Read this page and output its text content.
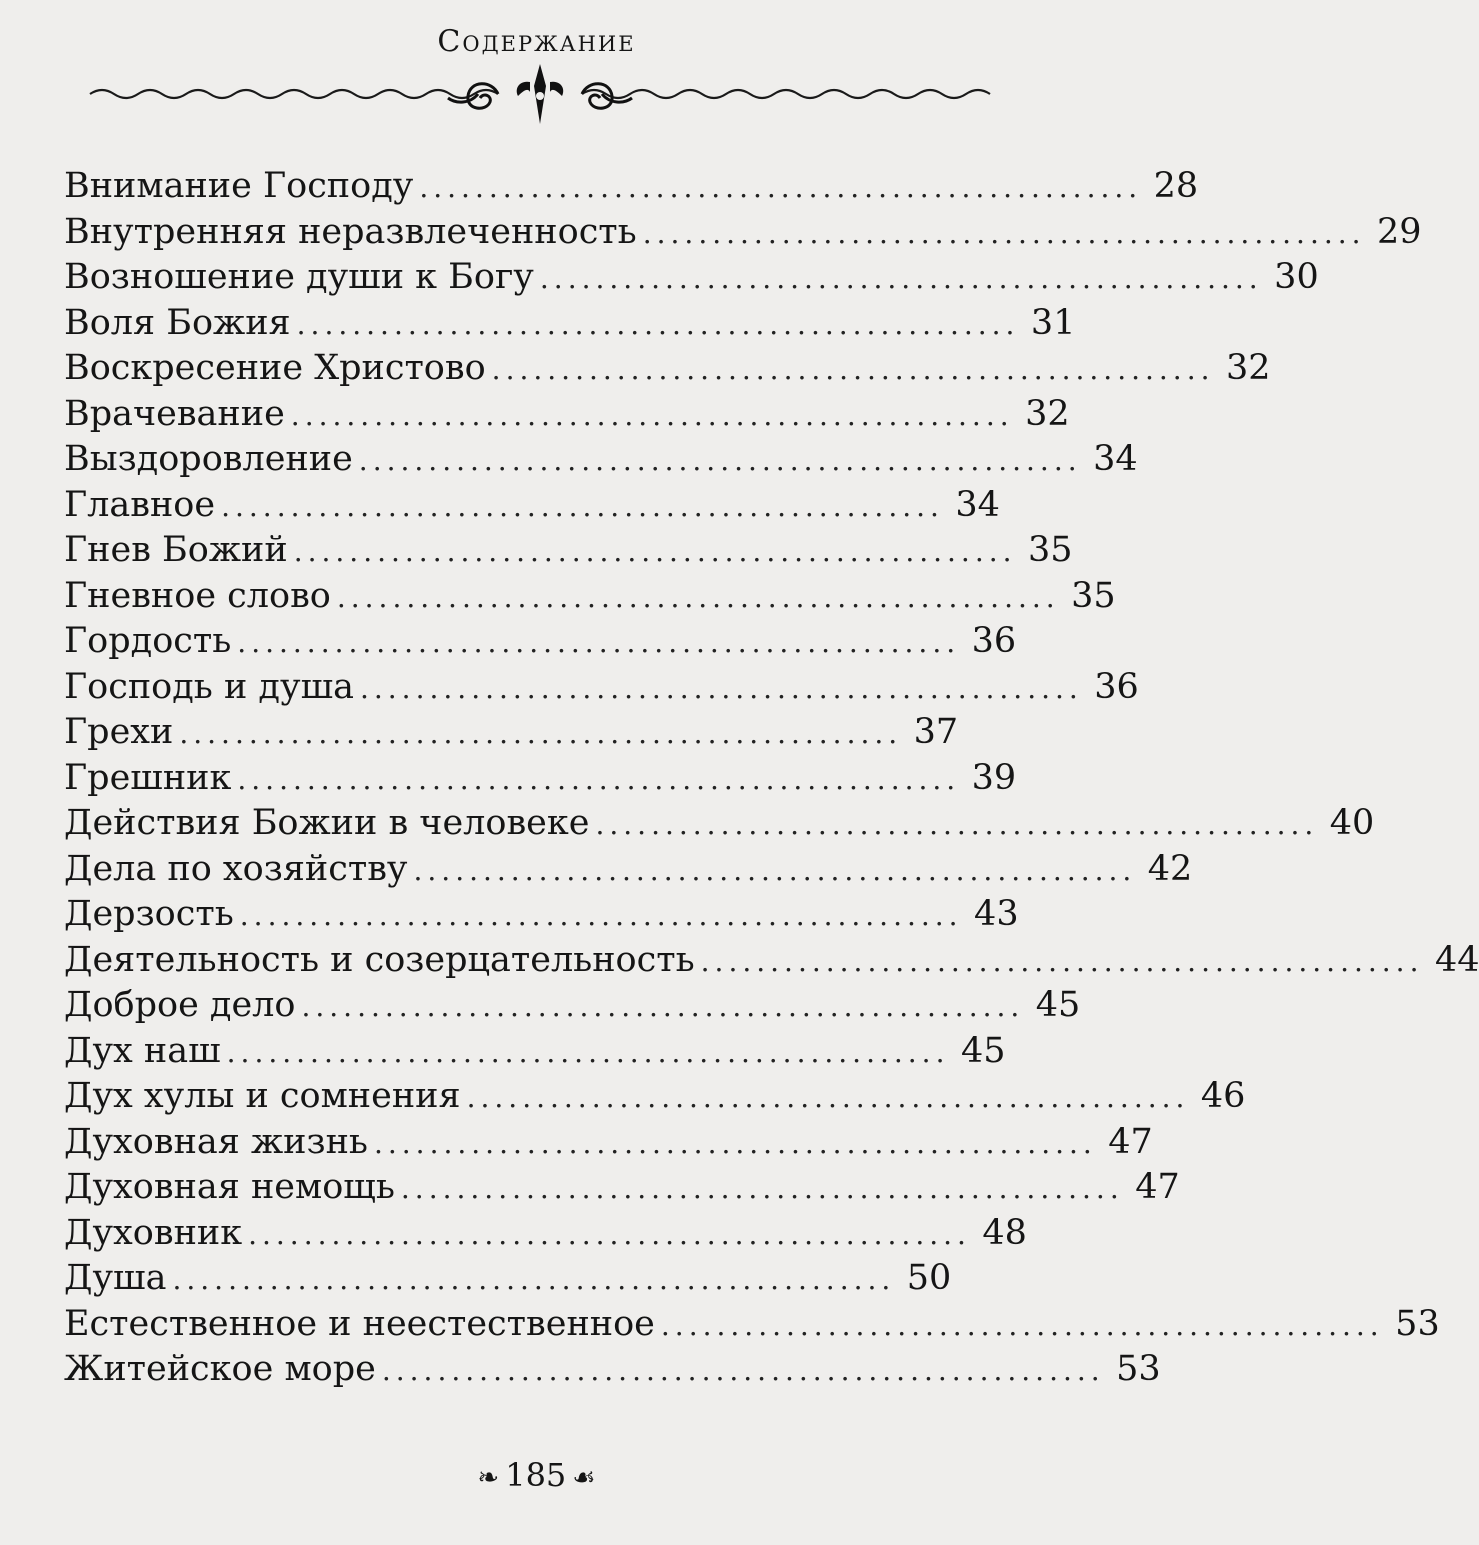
Содержание
Внимание Господу .................................................... 28
Внутренняя неразвлеченность .................................................... 29
Возношение души к Богу .................................................... 30
Воля Божия .................................................... 31
Воскресение Христово .................................................... 32
Врачевание .................................................... 32
Выздоровление .................................................... 34
Главное .................................................... 34
Гнев Божий .................................................... 35
Гневное слово .................................................... 35
Гордость .................................................... 36
Господь и душа .................................................... 36
Грехи .................................................... 37
Грешник .................................................... 39
Действия Божии в человеке .................................................... 40
Дела по хозяйству .................................................... 42
Дерзость .................................................... 43
Деятельность и созерцательность .................................................... 44
Доброе дело .................................................... 45
Дух наш .................................................... 45
Дух хулы и сомнения .................................................... 46
Духовная жизнь .................................................... 47
Духовная немощь .................................................... 47
Духовник .................................................... 48
Душа .................................................... 50
Естественное и неестественное .................................................... 53
Житейское море .................................................... 53
❧ 185 ☙
